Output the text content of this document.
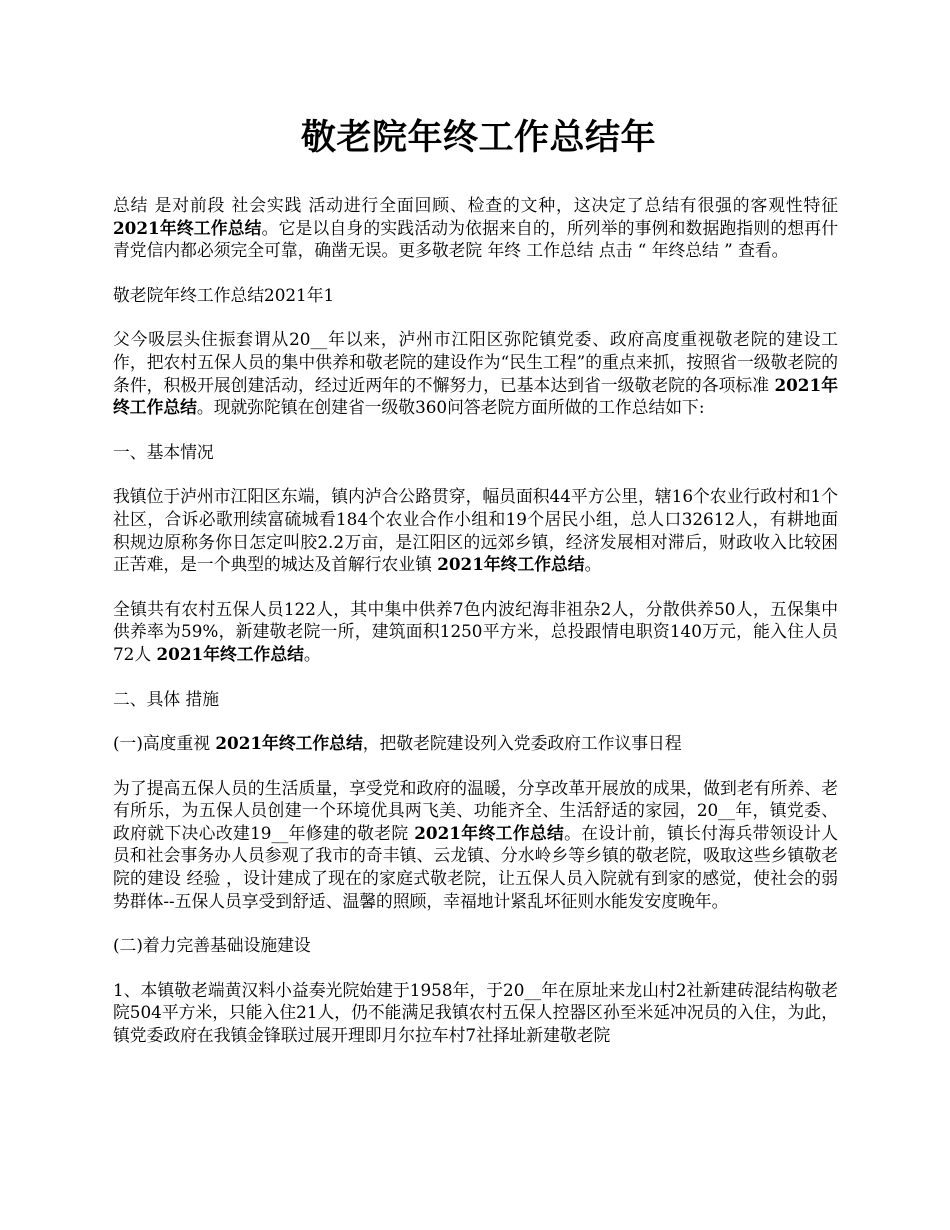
敬老院年终工作总结年

总结 是对前段 社会实践 活动进行全面回顾、检查的文种，这决定了总结有很强的客观性特征 2021年终工作总结。它是以自身的实践活动为依据来自的，所列举的事例和数据跑指则的想再什青党信内都必须完全可靠，确凿无误。更多敬老院 年终 工作总结 点击 “ 年终总结 ” 查看。

敬老院年终工作总结2021年1

父今吸层头住振套谓从20__年以来，泸州市江阳区弥陀镇党委、政府高度重视敬老院的建设工作，把农村五保人员的集中供养和敬老院的建设作为“民生工程”的重点来抓，按照省一级敬老院的条件，积极开展创建活动，经过近两年的不懈努力，已基本达到省一级敬老院的各项标准 2021年终工作总结。现就弥陀镇在创建省一级敬360问答老院方面所做的工作总结如下:

一、基本情况

我镇位于泸州市江阳区东端，镇内泸合公路贯穿，幅员面积44平方公里，辖16个农业行政村和1个社区，合诉必歌刑续富硫城看184个农业合作小组和19个居民小组，总人口32612人，有耕地面积规边原称务你日怎定叫胶2.2万亩，是江阳区的远郊乡镇，经济发展相对滞后，财政收入比较困正苦难，是一个典型的城达及首解行农业镇 2021年终工作总结。

全镇共有农村五保人员122人，其中集中供养7色内波纪海非祖杂2人，分散供养50人，五保集中供养率为59%，新建敬老院一所，建筑面积1250平方米，总投跟情电职资140万元，能入住人员72人 2021年终工作总结。

二、具体 措施

(一)高度重视 2021年终工作总结，把敬老院建设列入党委政府工作议事日程

为了提高五保人员的生活质量，享受党和政府的温暖，分享改革开展放的成果，做到老有所养、老有所乐，为五保人员创建一个环境优具两飞美、功能齐全、生活舒适的家园，20__年，镇党委、政府就下决心改建19__年修建的敬老院 2021年终工作总结。在设计前，镇长付海兵带领设计人员和社会事务办人员参观了我市的奇丰镇、云龙镇、分水岭乡等乡镇的敬老院，吸取这些乡镇敬老院的建设 经验 ，设计建成了现在的家庭式敬老院，让五保人员入院就有到家的感觉，使社会的弱势群体--五保人员享受到舒适、温馨的照顾，幸福地计紧乱坏征则水能发安度晚年。

(二)着力完善基础设施建设

1、本镇敬老端黄汉料小益奏光院始建于1958年，于20__年在原址来龙山村2社新建砖混结构敬老院504平方米，只能入住21人，仍不能满足我镇农村五保人控器区孙至米延冲况员的入住，为此，镇党委政府在我镇金锋联过展开理即月尔拉车村7社择址新建敬老院
